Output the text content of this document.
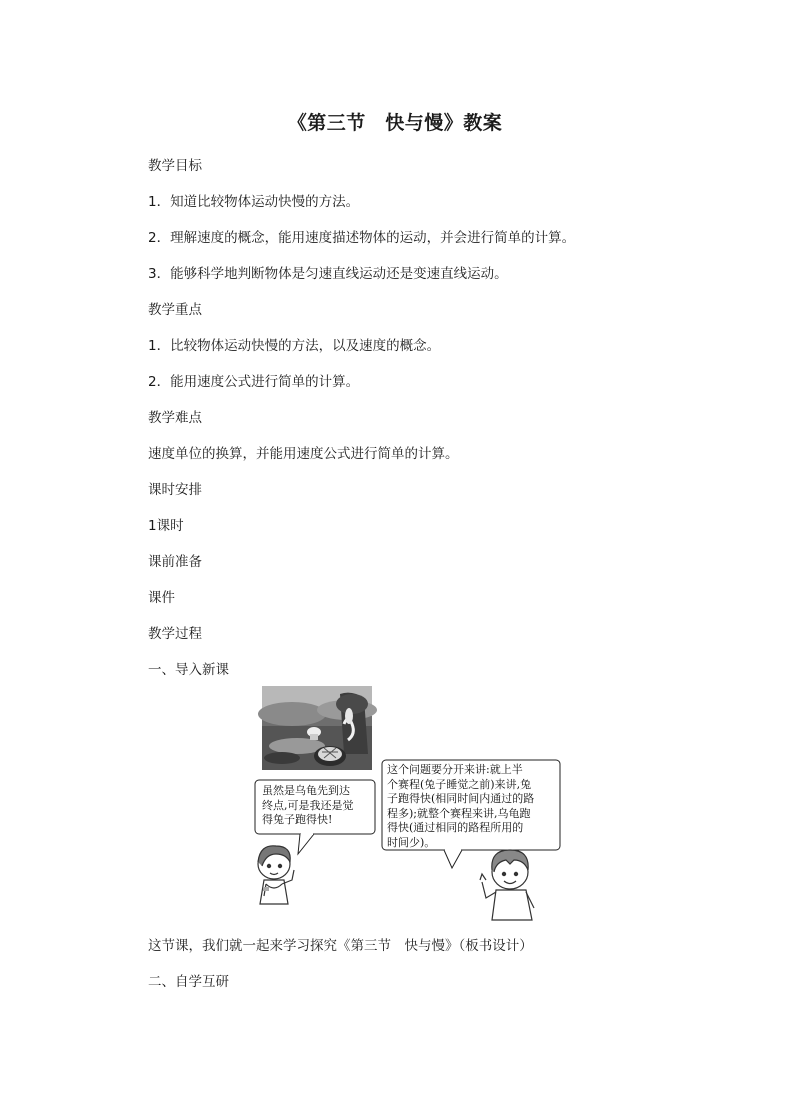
《第三节　快与慢》教案
教学目标
1．知道比较物体运动快慢的方法。
2．理解速度的概念，能用速度描述物体的运动，并会进行简单的计算。
3．能够科学地判断物体是匀速直线运动还是变速直线运动。
教学重点
1．比较物体运动快慢的方法，以及速度的概念。
2．能用速度公式进行简单的计算。
教学难点
速度单位的换算，并能用速度公式进行简单的计算。
课时安排
1课时
课前准备
课件
教学过程
一、导入新课
虽然是乌龟先到达
终点,可是我还是觉
得兔子跑得快!
这个问题要分开来讲:就上半
个赛程(兔子睡觉之前)来讲,兔
子跑得快(相同时间内通过的路
程多);就整个赛程来讲,乌龟跑
得快(通过相同的路程所用的
时间少)。
这节课，我们就一起来学习探究《第三节　快与慢》（板书设计）
二、自学互研
